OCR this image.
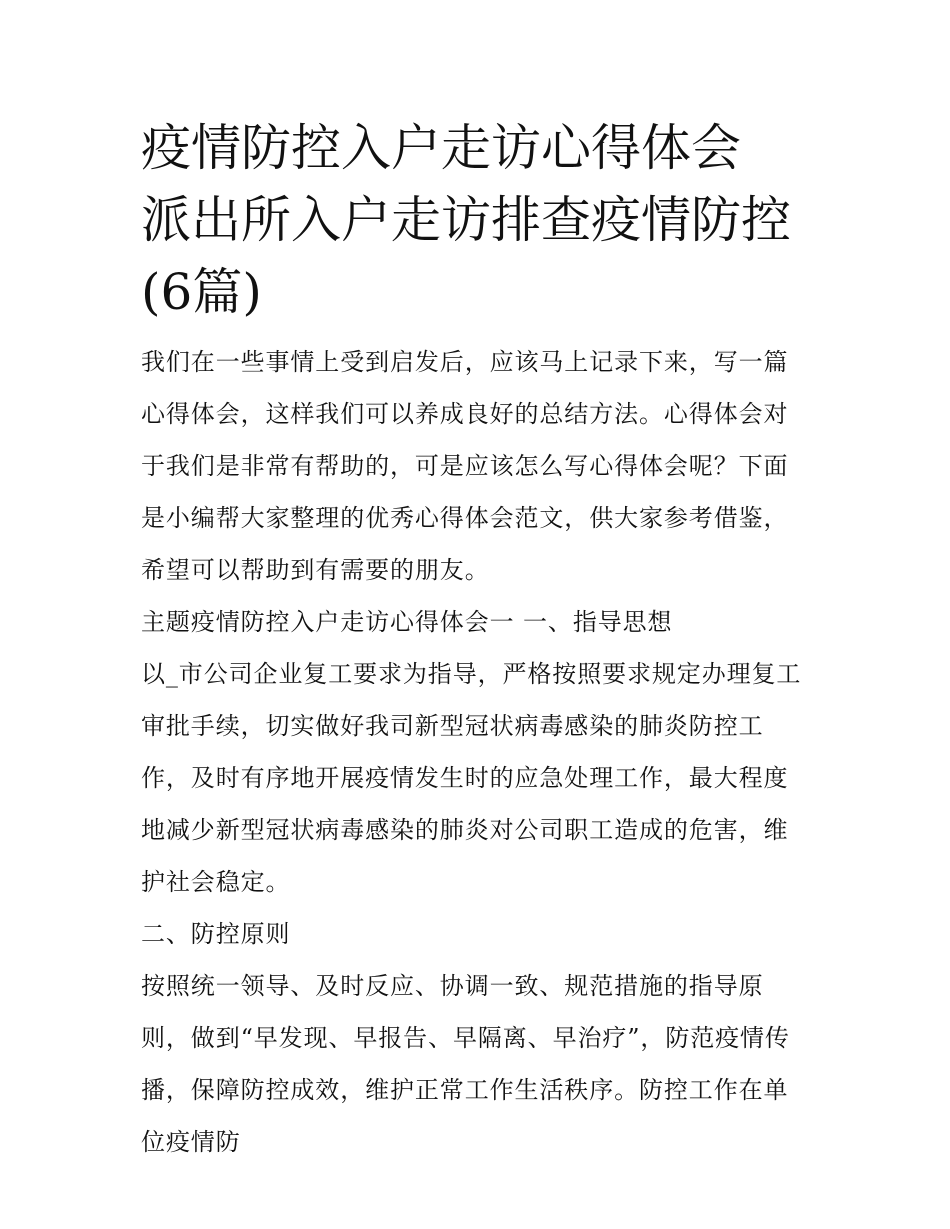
疫情防控入户走访心得体会 派出所入户走访排查疫情防控(6篇)

我们在一些事情上受到启发后，应该马上记录下来，写一篇心得体会，这样我们可以养成良好的总结方法。心得体会对于我们是非常有帮助的，可是应该怎么写心得体会呢？下面是小编帮大家整理的优秀心得体会范文，供大家参考借鉴，希望可以帮助到有需要的朋友。

主题疫情防控入户走访心得体会一 一、指导思想

以_市公司企业复工要求为指导，严格按照要求规定办理复工审批手续，切实做好我司新型冠状病毒感染的肺炎防控工作，及时有序地开展疫情发生时的应急处理工作，最大程度地减少新型冠状病毒感染的肺炎对公司职工造成的危害，维护社会稳定。

二、防控原则

按照统一领导、及时反应、协调一致、规范措施的指导原则，做到“早发现、早报告、早隔离、早治疗”，防范疫情传播，保障防控成效，维护正常工作生活秩序。防控工作在单位疫情防
